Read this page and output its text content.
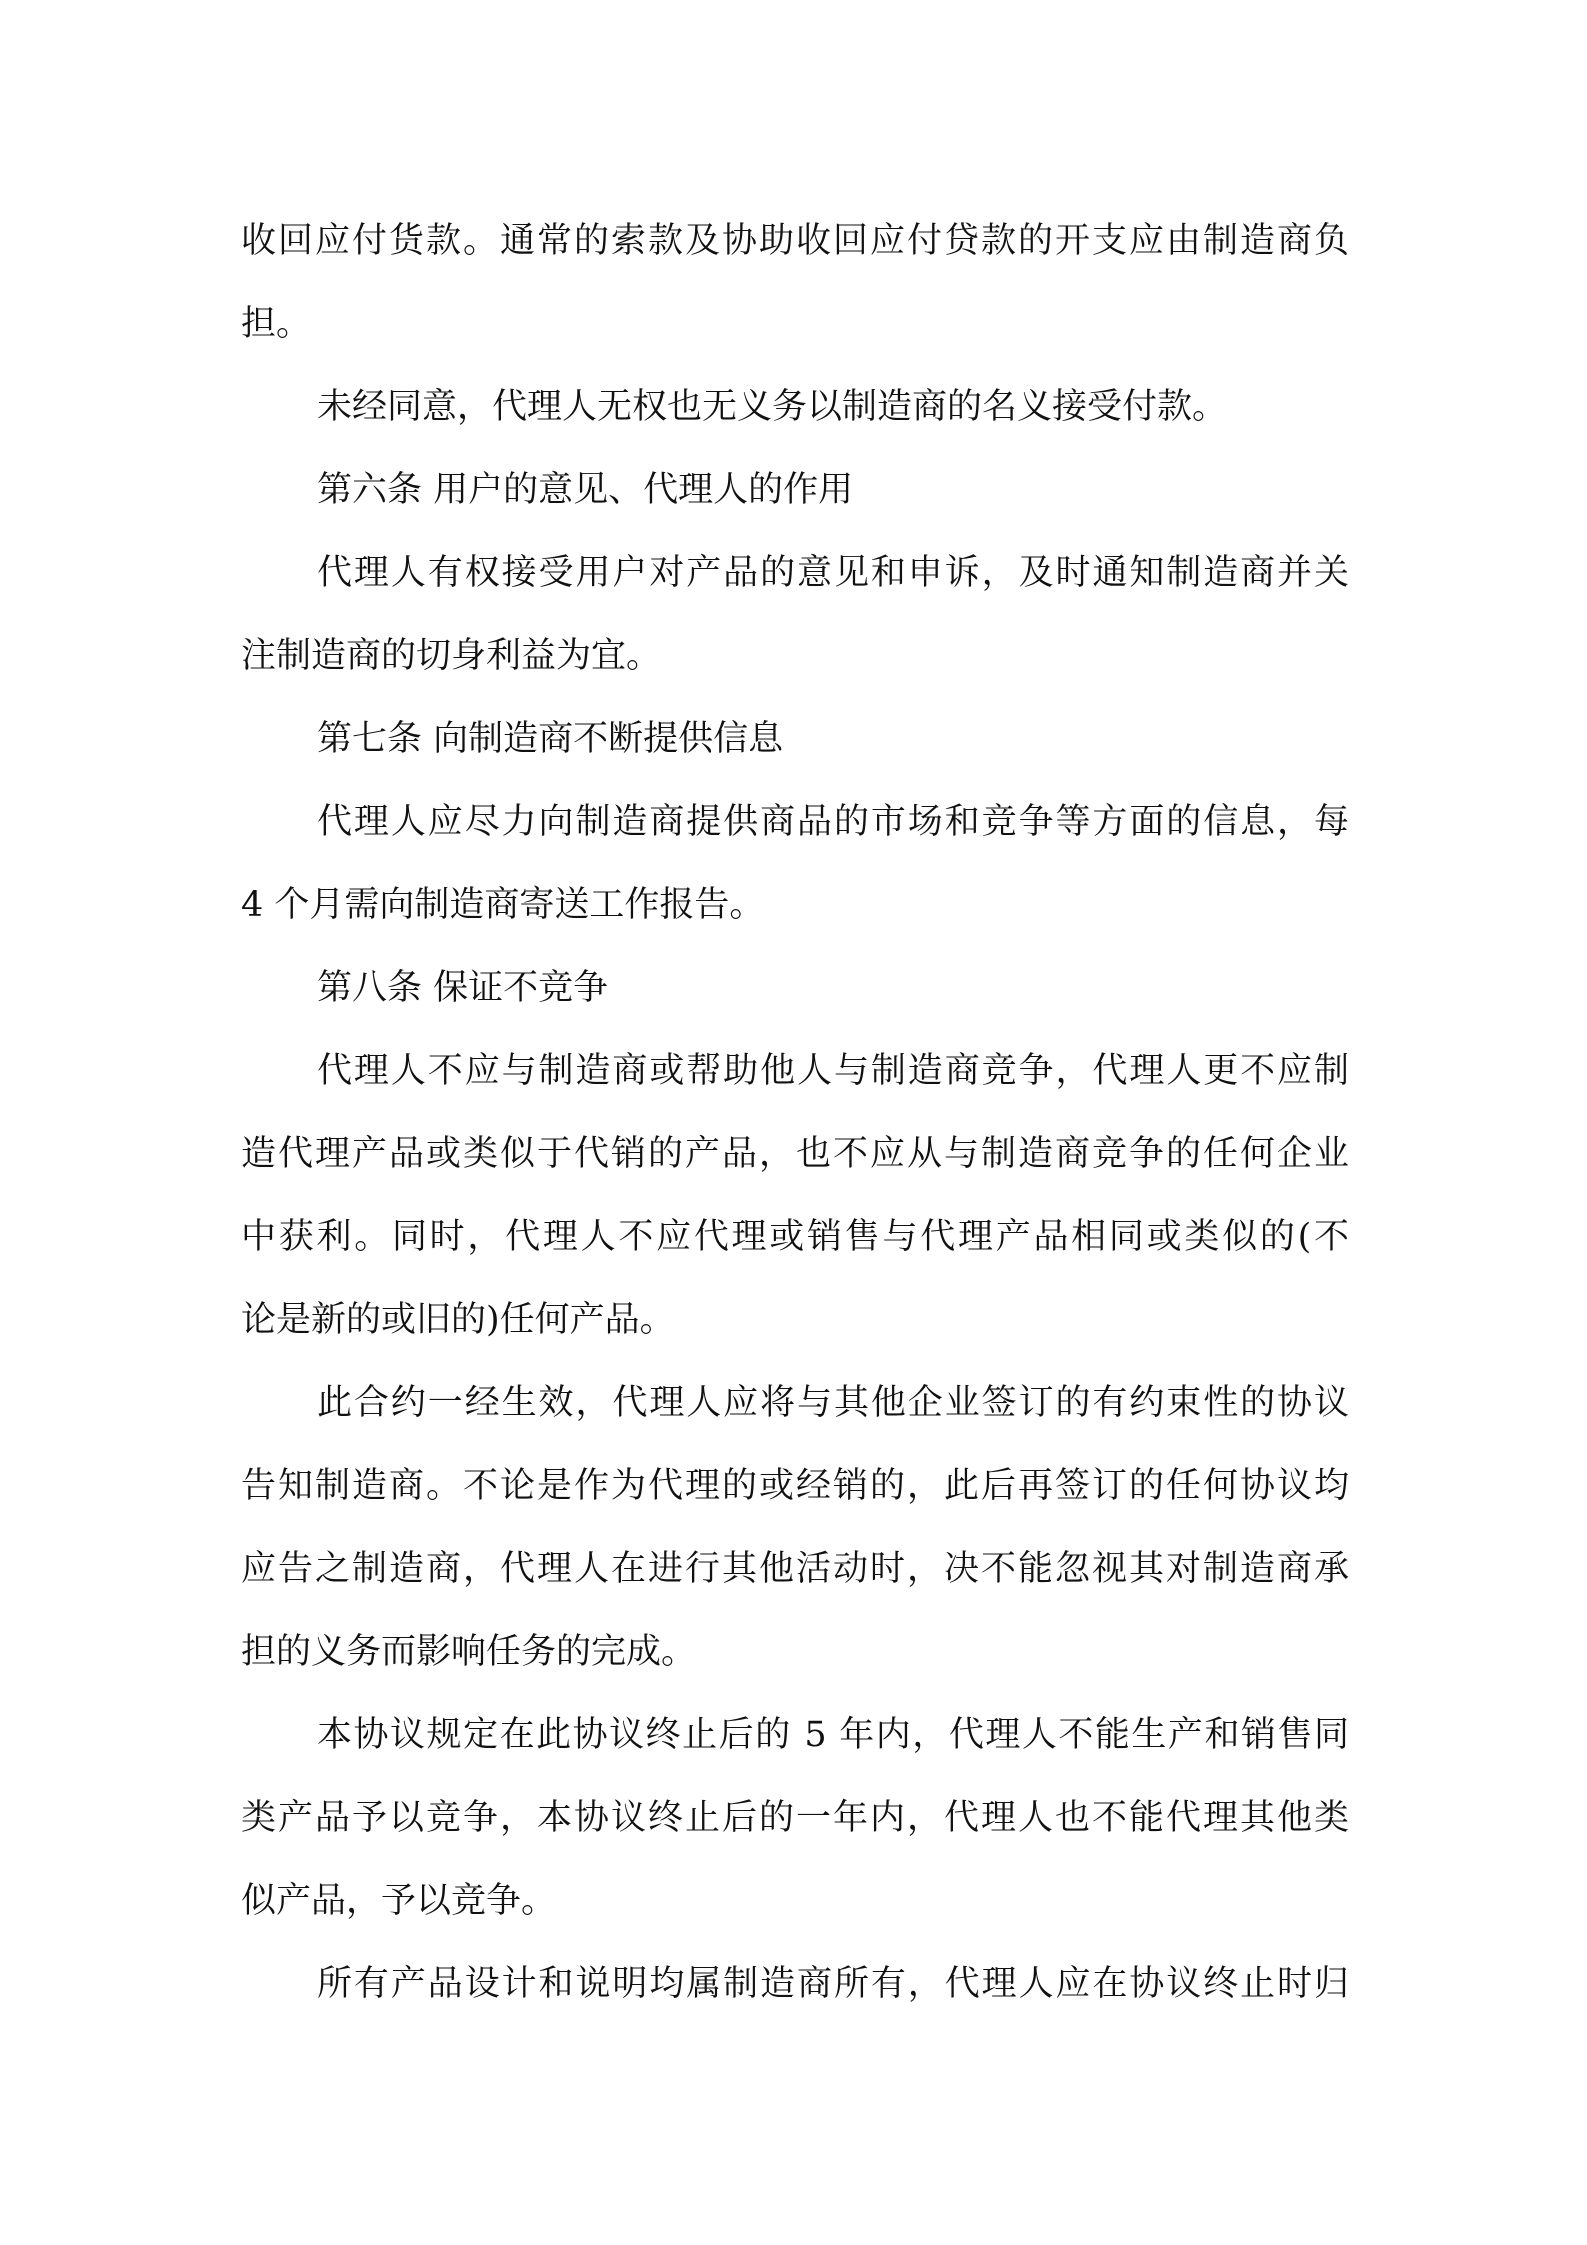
收回应付货款。通常的索款及协助收回应付贷款的开支应由制造商负
担。
未经同意，代理人无权也无义务以制造商的名义接受付款。
第六条 用户的意见、代理人的作用
代理人有权接受用户对产品的意见和申诉，及时通知制造商并关
注制造商的切身利益为宜。
第七条 向制造商不断提供信息
代理人应尽力向制造商提供商品的市场和竞争等方面的信息，每
4 个月需向制造商寄送工作报告。
第八条 保证不竞争
代理人不应与制造商或帮助他人与制造商竞争，代理人更不应制
造代理产品或类似于代销的产品，也不应从与制造商竞争的任何企业
中获利。同时，代理人不应代理或销售与代理产品相同或类似的(不
论是新的或旧的)任何产品。
此合约一经生效，代理人应将与其他企业签订的有约束性的协议
告知制造商。不论是作为代理的或经销的，此后再签订的任何协议均
应告之制造商，代理人在进行其他活动时，决不能忽视其对制造商承
担的义务而影响任务的完成。
本协议规定在此协议终止后的 5 年内，代理人不能生产和销售同
类产品予以竞争，本协议终止后的一年内，代理人也不能代理其他类
似产品，予以竞争。
所有产品设计和说明均属制造商所有，代理人应在协议终止时归
